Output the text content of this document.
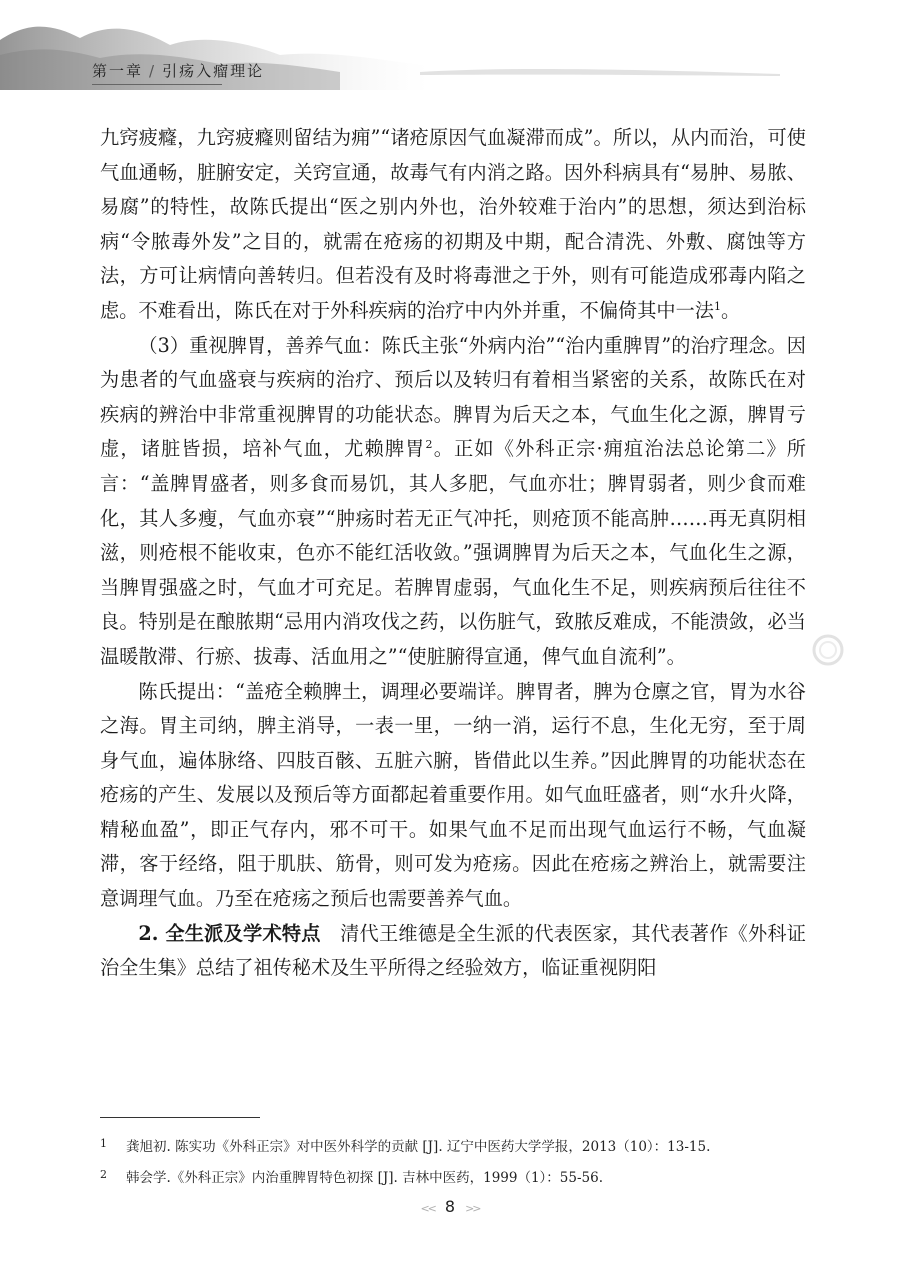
第一章 / 引疡入瘤理论

九窍疲癃，九窍疲癃则留结为痈”“诸疮原因气血凝滞而成”。所以，从内而治，可使气血通畅，脏腑安定，关窍宣通，故毒气有内消之路。因外科病具有“易肿、易脓、易腐”的特性，故陈氏提出“医之别内外也，治外较难于治内”的思想，须达到治标病“令脓毒外发”之目的，就需在疮疡的初期及中期，配合清洗、外敷、腐蚀等方法，方可让病情向善转归。但若没有及时将毒泄之于外，则有可能造成邪毒内陷之虑。不难看出，陈氏在对于外科疾病的治疗中内外并重，不偏倚其中一法$^1$。

（3）重视脾胃，善养气血：陈氏主张“外病内治”“治内重脾胃”的治疗理念。因为患者的气血盛衰与疾病的治疗、预后以及转归有着相当紧密的关系，故陈氏在对疾病的辨治中非常重视脾胃的功能状态。脾胃为后天之本，气血生化之源，脾胃亏虚，诸脏皆损，培补气血，尤赖脾胃$^2$。正如《外科正宗·痈疽治法总论第二》所言：“盖脾胃盛者，则多食而易饥，其人多肥，气血亦壮；脾胃弱者，则少食而难化，其人多瘦，气血亦衰”“肿疡时若无正气冲托，则疮顶不能高肿……再无真阴相滋，则疮根不能收束，色亦不能红活收敛。”强调脾胃为后天之本，气血化生之源，当脾胃强盛之时，气血才可充足。若脾胃虚弱，气血化生不足，则疾病预后往往不良。特别是在酿脓期“忌用内消攻伐之药，以伤脏气，致脓反难成，不能溃敛，必当温暖散滞、行瘀、拔毒、活血用之”“使脏腑得宣通，俾气血自流利”。

陈氏提出：“盖疮全赖脾土，调理必要端详。脾胃者，脾为仓廪之官，胃为水谷之海。胃主司纳，脾主消导，一表一里，一纳一消，运行不息，生化无穷，至于周身气血，遍体脉络、四肢百骸、五脏六腑，皆借此以生养。”因此脾胃的功能状态在疮疡的产生、发展以及预后等方面都起着重要作用。如气血旺盛者，则“水升火降，精秘血盈”，即正气存内，邪不可干。如果气血不足而出现气血运行不畅，气血凝滞，客于经络，阻于肌肤、筋骨，则可发为疮疡。因此在疮疡之辨治上，就需要注意调理气血。乃至在疮疡之预后也需要善养气血。

2. 全生派及学术特点  清代王维德是全生派的代表医家，其代表著作《外科证治全生集》总结了祖传秘术及生平所得之经验效方，临证重视阴阳

1 龚旭初. 陈实功《外科正宗》对中医外科学的贡献 [J]. 辽宁中医药大学学报，2013（10）：13-15.
2 韩会学.《外科正宗》内治重脾胃特色初探 [J]. 吉林中医药，1999（1）：55-56.
<< 8 >>
